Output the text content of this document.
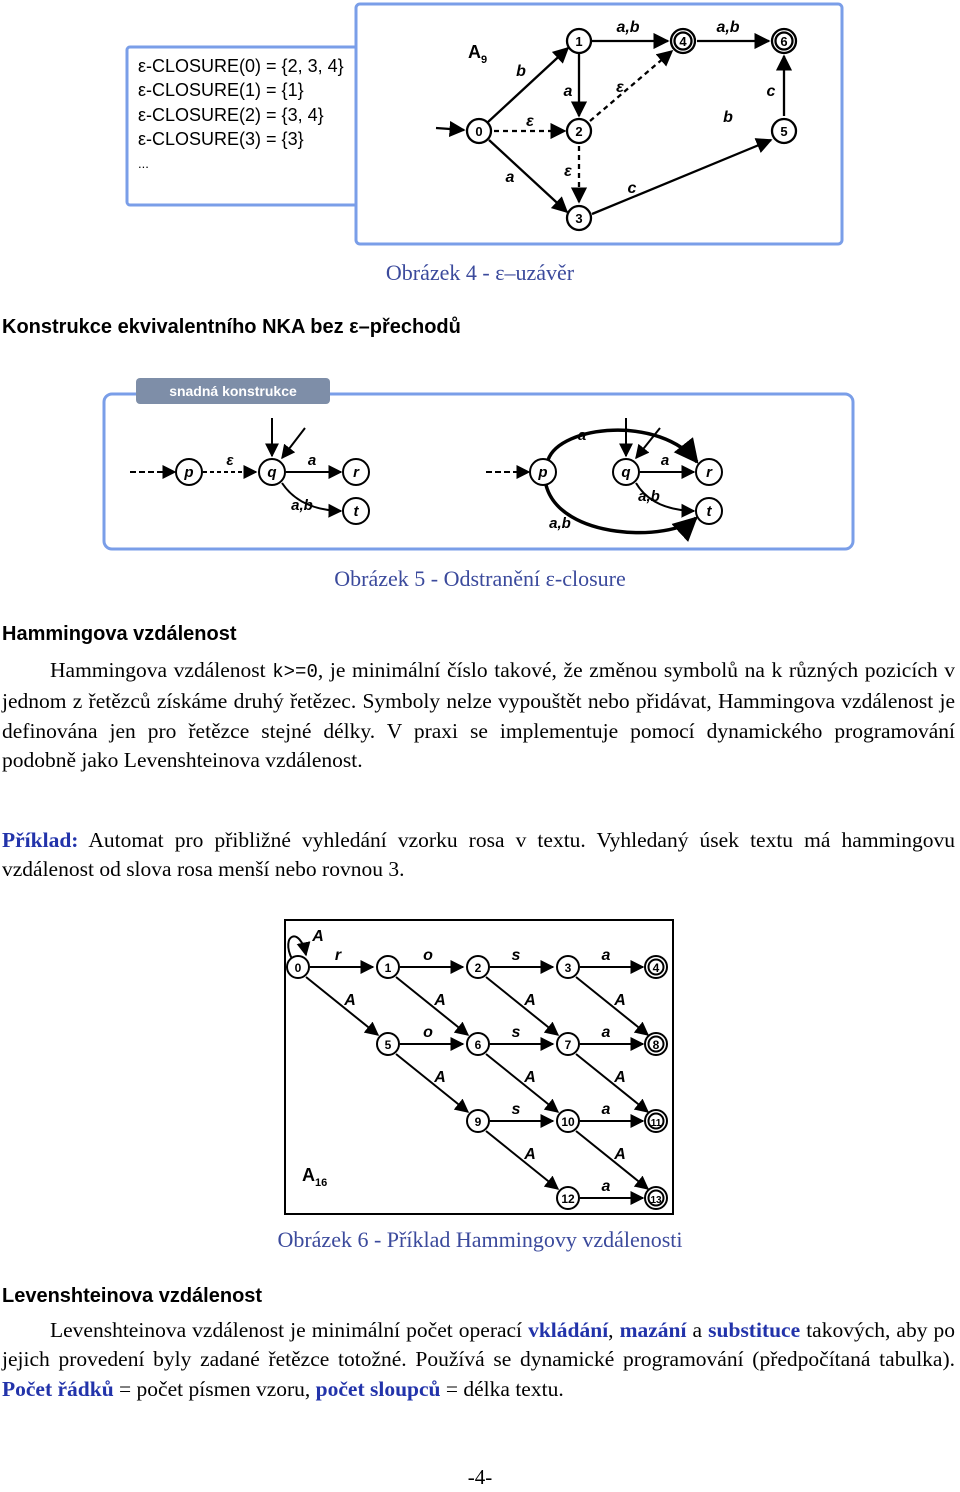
0
1
2
3
4	6
5
b
ε
a
a,b
a	ε
ε
a,b
c
b
c
$A_9$
ε-CLOSURE(0) = {2, 3, 4}
ε-CLOSURE(1) = {1}
ε-CLOSURE(2) = {3, 4}
ε-CLOSURE(3) = {3}
...
Obrázek 4 - ε–uzávěr
Konstrukce ekvivalentního NKA bez ε–přechodů
snadná konstrukce
p	q	r
t
ε	a
a,b
p	q	r
t
a
a
a,b
a,b
Obrázek 5 - Odstranění ε-closure
Hammingova vzdálenost
Hammingova vzdálenost k>=0, je minimální číslo takové, že změnou symbolů na k různých pozicích v jednom z řetězců získáme druhý řetězec. Symboly nelze vypouštět nebo přidávat, Hammingova vzdálenost je definována jen pro řetězce stejné délky. V praxi se implementuje pomocí dynamického programování podobně jako Levenshteinova vzdálenost.
Příklad: Automat pro přibližné vyhledání vzorku rosa v textu. Vyhledaný úsek textu má hammingovu vzdálenost od slova rosa menší nebo rovnou 3.
0	1	2	3	4
5	6	7	8
9	10	11
12	13
A
r	o	s	a
A	A	A	A
o	s	a
A	A	A
s	a
A	A
a
$A_{16}$
Obrázek 6 - Příklad Hammingovy vzdálenosti
Levenshteinova vzdálenost
Levenshteinova vzdálenost je minimální počet operací vkládání, mazání a substituce takových, aby po jejich provedení byly zadané řetězce totožné. Používá se dynamické programování (předpočítaná tabulka). Počet řádků = počet písmen vzoru, počet sloupců = délka textu.
-4-
